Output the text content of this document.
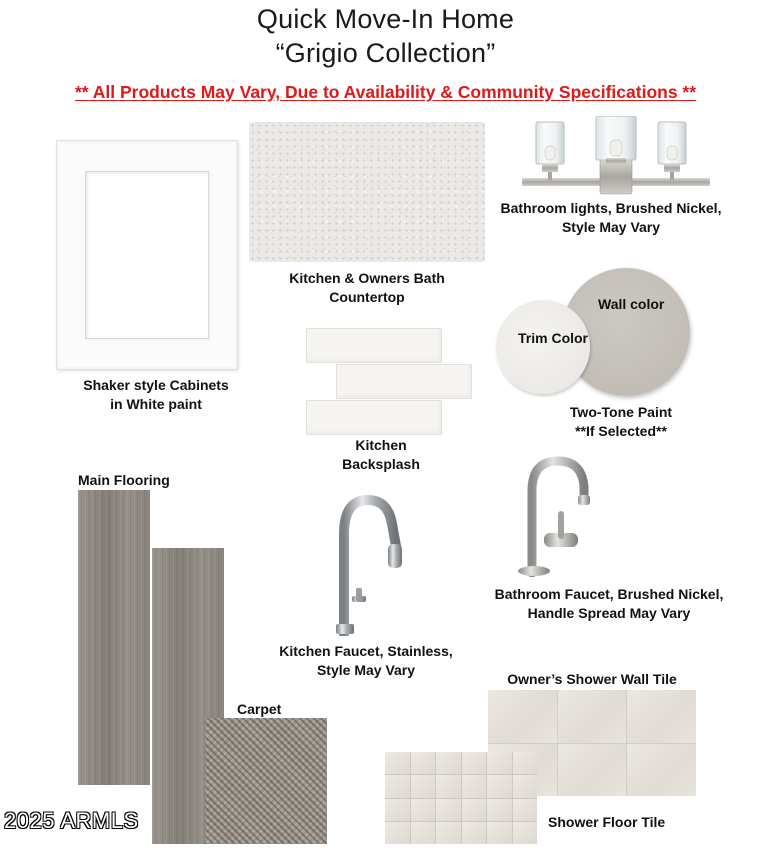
Quick Move-In Home
“Grigio Collection”
** All Products May Vary, Due to Availability & Community Specifications **
Shaker style Cabinets
in White paint
Kitchen & Owners Bath
Countertop
Bathroom lights, Brushed Nickel,
Style May Vary
Kitchen
Backsplash
Wall color
Trim Color
Two-Tone Paint
**If Selected**
Main Flooring
Carpet
Kitchen Faucet, Stainless,
Style May Vary
Bathroom Faucet, Brushed Nickel,
Handle Spread May Vary
Owner’s Shower Wall Tile
Shower Floor Tile
2025 ARMLS
